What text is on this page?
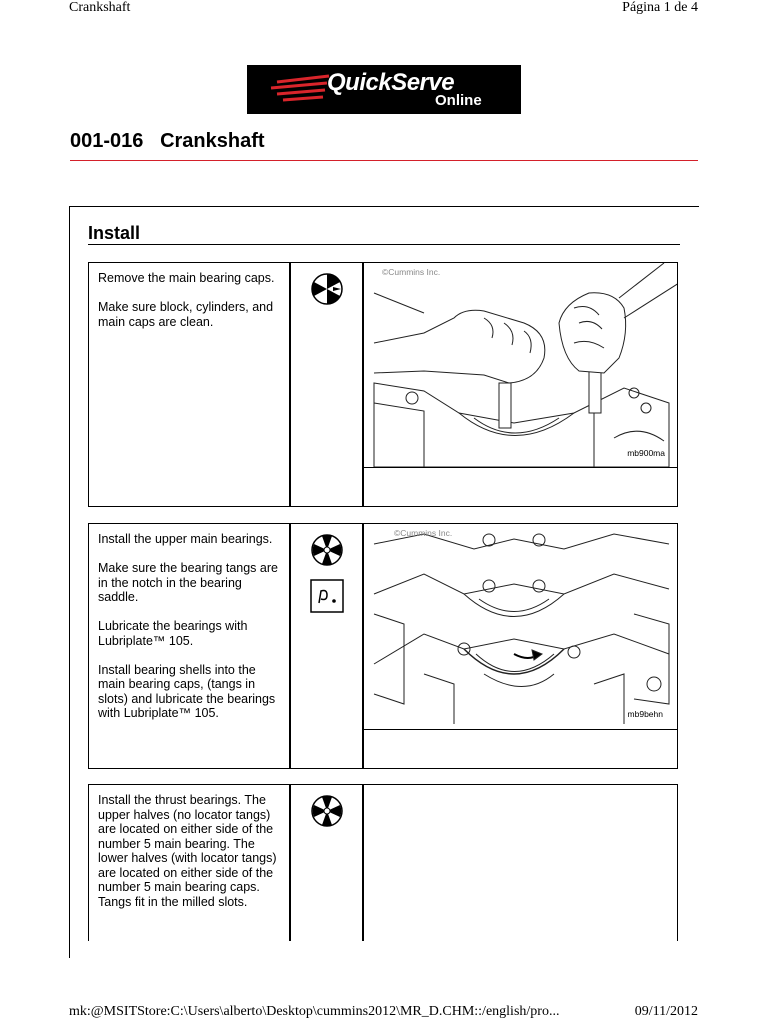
Crankshaft	Página 1 de 4
QuickServe
Online
001-016   Crankshaft
Install

Remove the main bearing caps.

Make sure block, cylinders, and main caps are clean.

©Cummins Inc.
mb900ma

Install the upper main bearings.

Make sure the bearing tangs are in the notch in the bearing saddle.

Lubricate the bearings with Lubriplate™ 105.

Install bearing shells into the main bearing caps, (tangs in slots) and lubricate the bearings with Lubriplate™ 105.

©Cummins Inc.
mb9behn

Install the thrust bearings. The upper halves (no locator tangs) are located on either side of the number 5 main bearing. The lower halves (with locator tangs) are located on either side of the number 5 main bearing caps. Tangs fit in the milled slots.

mk:@MSITStore:C:\Users\alberto\Desktop\cummins2012\MR_D.CHM::/english/pro...	09/11/2012
